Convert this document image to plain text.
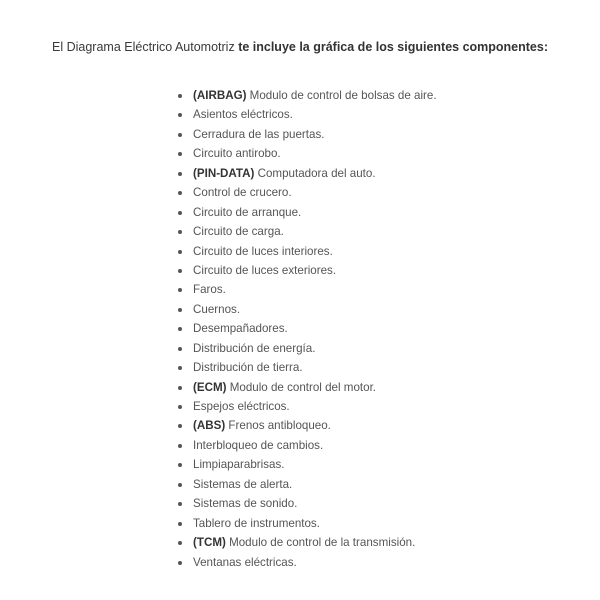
El Diagrama Eléctrico Automotriz te incluye la gráfica de los siguientes componentes:
(AIRBAG) Modulo de control de bolsas de aire.
Asientos eléctricos.
Cerradura de las puertas.
Circuito antirobo.
(PIN-DATA) Computadora del auto.
Control de crucero.
Circuito de arranque.
Circuito de carga.
Circuito de luces interiores.
Circuito de luces exteriores.
Faros.
Cuernos.
Desempañadores.
Distribución de energía.
Distribución de tierra.
(ECM) Modulo de control del motor.
Espejos eléctricos.
(ABS) Frenos antibloqueo.
Interbloqueo de cambios.
Limpiaparabrisas.
Sistemas de alerta.
Sistemas de sonido.
Tablero de instrumentos.
(TCM) Modulo de control de la transmisión.
Ventanas eléctricas.
